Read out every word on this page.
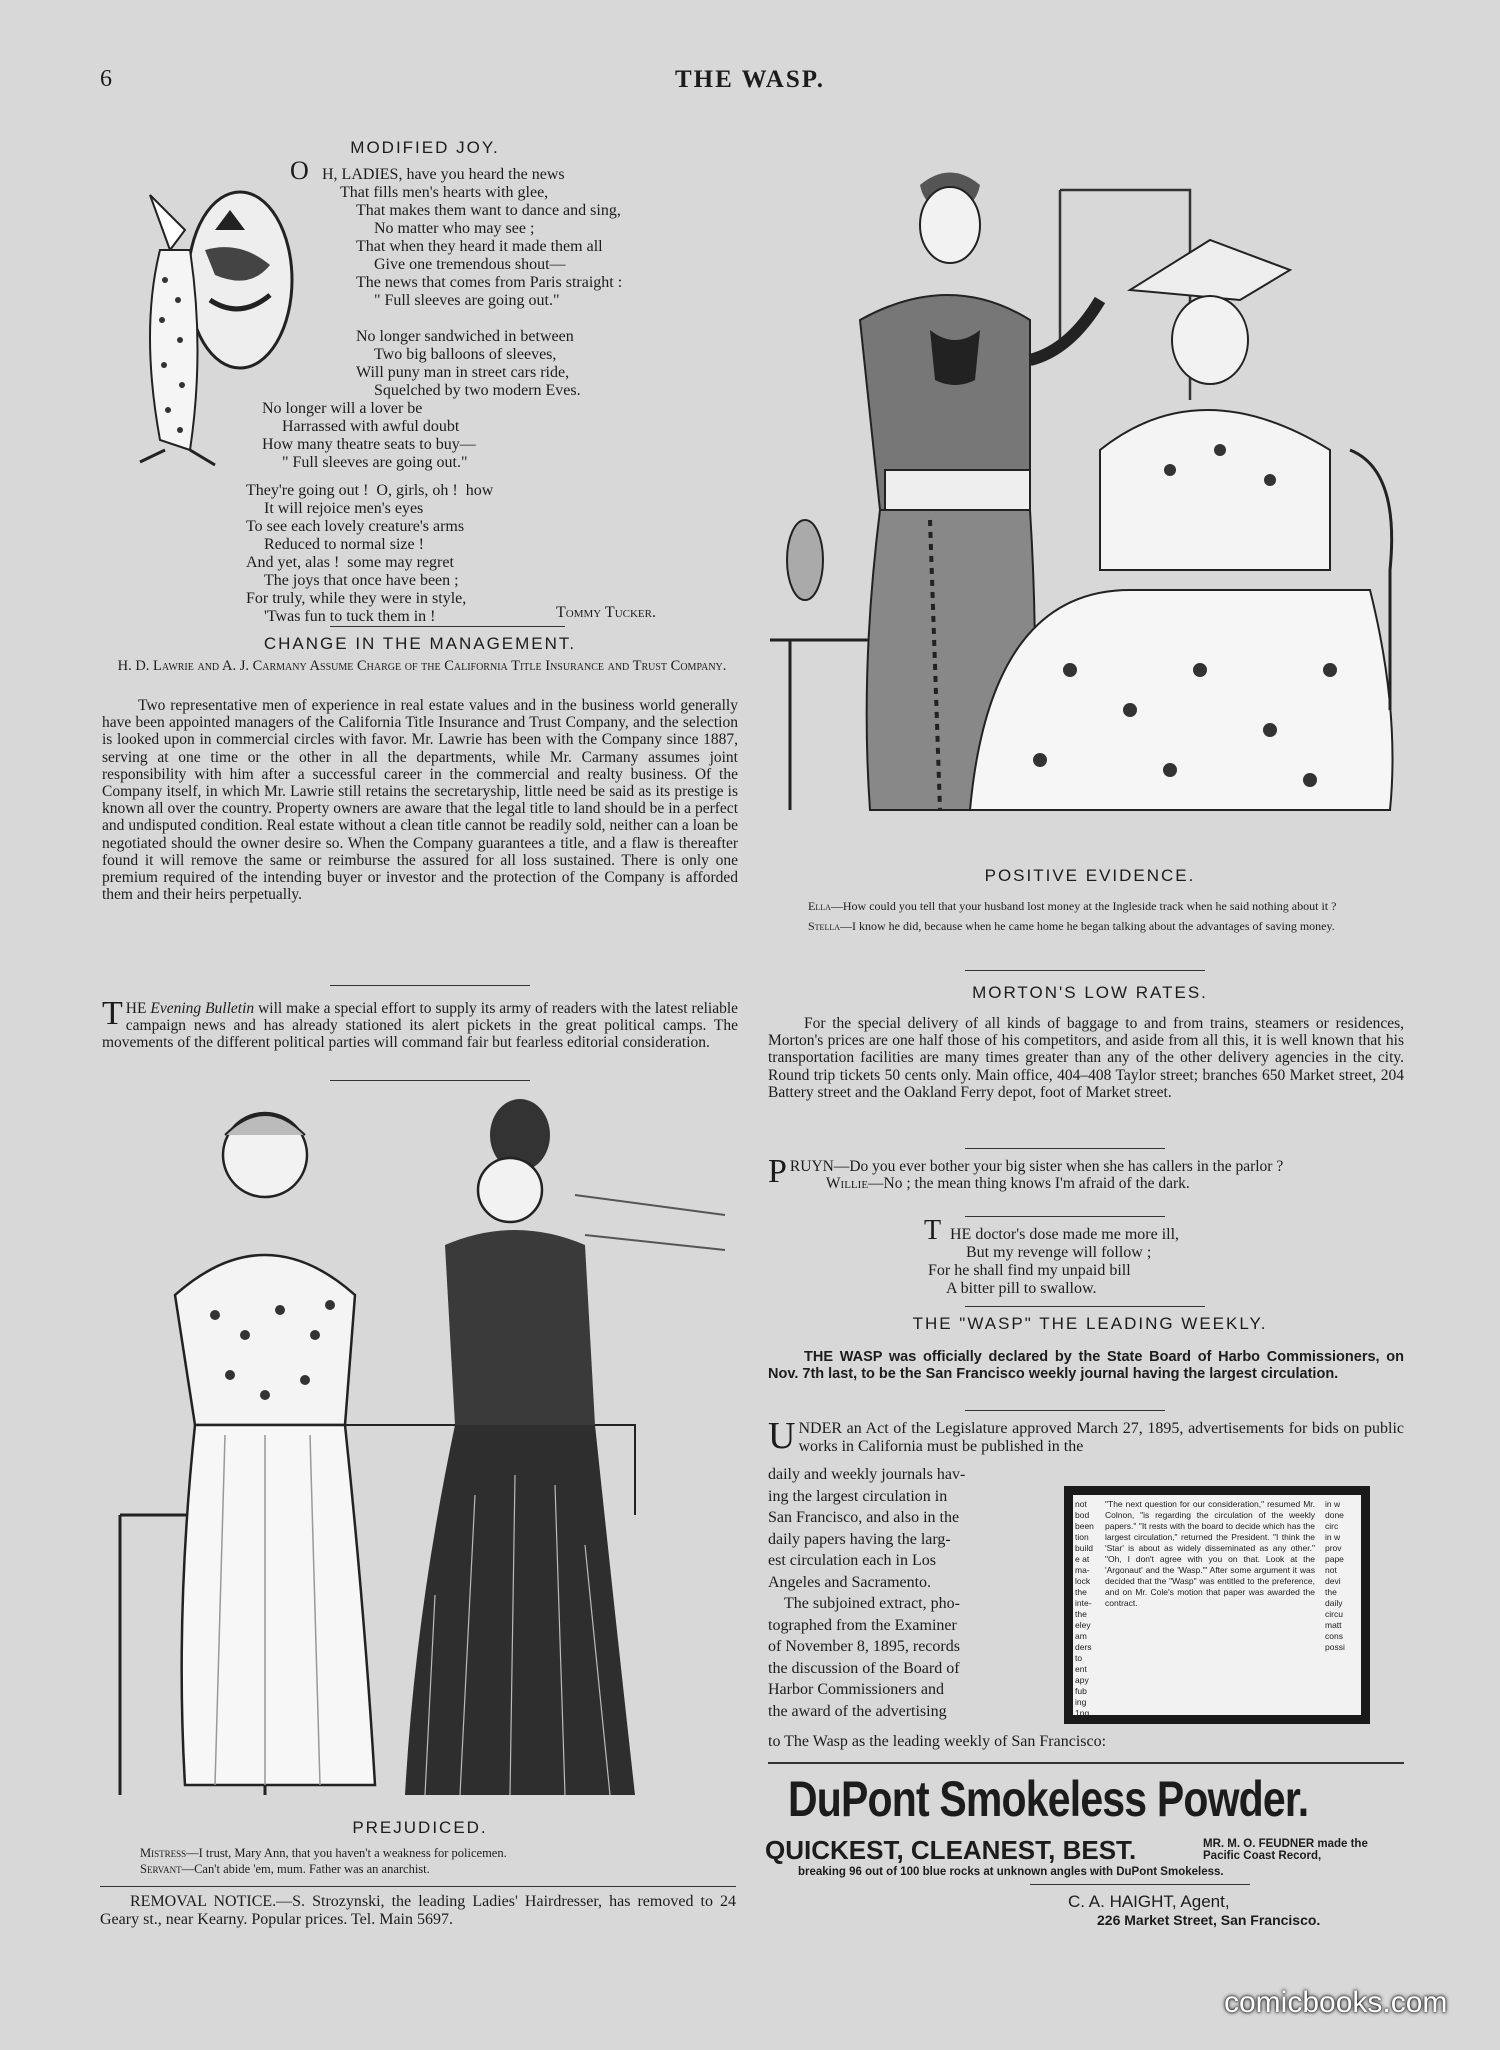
6	THE WASP.
MODIFIED JOY.

O H, LADIES, have you heard the news

That fills men's hearts with glee,

That makes them want to dance and sing,

No matter who may see ;

That when they heard it made them all

Give one tremendous shout—

The news that comes from Paris straight :

" Full sleeves are going out."

No longer sandwiched in between

Two big balloons of sleeves,

Will puny man in street cars ride,

Squelched by two modern Eves.

No longer will a lover be

Harrassed with awful doubt

How many theatre seats to buy—

" Full sleeves are going out."

They're going out !  O, girls, oh !  how

It will rejoice men's eyes

To see each lovely creature's arms

Reduced to normal size !

And yet, alas !  some may regret

The joys that once have been ;

For truly, while they were in style,

'Twas fun to tuck them in !	Tommy Tucker.
CHANGE IN THE MANAGEMENT.
H. D. Lawrie and A. J. Carmany Assume Charge of the California Title Insurance and Trust Company.
Two representative men of experience in real estate values and in the business world generally have been appointed managers of the California Title Insurance and Trust Company, and the selection is looked upon in commercial circles with favor. Mr. Lawrie has been with the Company since 1887, serving at one time or the other in all the departments, while Mr. Carmany assumes joint responsibility with him after a successful career in the commercial and realty business. Of the Company itself, in which Mr. Lawrie still retains the secretaryship, little need be said as its prestige is known all over the country. Property owners are aware that the legal title to land should be in a perfect and undisputed condition. Real estate without a clean title cannot be readily sold, neither can a loan be negotiated should the owner desire so. When the Company guarantees a title, and a flaw is thereafter found it will remove the same or reimburse the assured for all loss sustained. There is only one premium required of the intending buyer or investor and the protection of the Company is afforded them and their heirs perpetually.
THE Evening Bulletin will make a special effort to supply its army of readers with the latest reliable campaign news and has already stationed its alert pickets in the great political camps. The movements of the different political parties will command fair but fearless editorial consideration.
PREJUDICED.
Mistress—I trust, Mary Ann, that you haven't a weakness for policemen.
Servant—Can't abide 'em, mum. Father was an anarchist.
REMOVAL NOTICE.—S. Strozynski, the leading Ladies' Hairdresser, has removed to 24 Geary st., near Kearny. Popular prices. Tel. Main 5697.
POSITIVE EVIDENCE.
Ella—How could you tell that your husband lost money at the Ingleside track when he said nothing about it ?
Stella—I know he did, because when he came home he began talking about the advantages of saving money.
MORTON'S LOW RATES.
For the special delivery of all kinds of baggage to and from trains, steamers or residences, Morton's prices are one half those of his competitors, and aside from all this, it is well known that his transportation facilities are many times greater than any of the other delivery agencies in the city. Round trip tickets 50 cents only. Main office, 404–408 Taylor street; branches 650 Market street, 204 Battery street and the Oakland Ferry depot, foot of Market street.
PRUYN—Do you ever bother your big sister when she has callers in the parlor ?
Willie—No ; the mean thing knows I'm afraid of the dark.

T HE doctor's dose made me more ill,

But my revenge will follow ;

For he shall find my unpaid bill

A bitter pill to swallow.

THE "WASP" THE LEADING WEEKLY.
THE WASP was officially declared by the State Board of Harbo Commissioners, on Nov. 7th last, to be the San Francisco weekly journal having the largest circulation.
UNDER an Act of the Legislature approved March 27, 1895, advertisements for bids on public works in California must be published in the
daily and weekly journals hav-
ing the largest circulation in
San Francisco, and also in the
daily papers having the larg-
est circulation each in Los
Angeles and Sacramento.
The subjoined extract, pho-
tographed from the Examiner
of November 8, 1895, records
the discussion of the Board of
Harbor Commissioners and
the award of the advertising
not
bod
been
tion
build
e at
ma-
lock
the
inte-
the
eley
am
ders
to
ent
apy
fub
ing
1ng
"The next question for our consideration," resumed Mr. Colnon, "is regarding the circulation of the weekly papers." "It rests with the board to decide which has the largest circulation," returned the President. "I think the 'Star' is about as widely disseminated as any other." "Oh, I don't agree with you on that. Look at the 'Argonaut' and the 'Wasp.'" After some argument it was decided that the "Wasp" was entitled to the preference, and on Mr. Cole's motion that paper was awarded the contract.
in w
done
circ
in w
prov
pape
not
devi
the
daily
circu
matt
cons
possi
to The Wasp as the leading weekly of San Francisco:
DuPont Smokeless Powder.
QUICKEST, CLEANEST, BEST.	MR. M. O. FEUDNER made the Pacific Coast Record,
breaking 96 out of 100 blue rocks at unknown angles with DuPont Smokeless.
C. A. HAIGHT, Agent,
226 Market Street, San Francisco.
comicbooks.com
